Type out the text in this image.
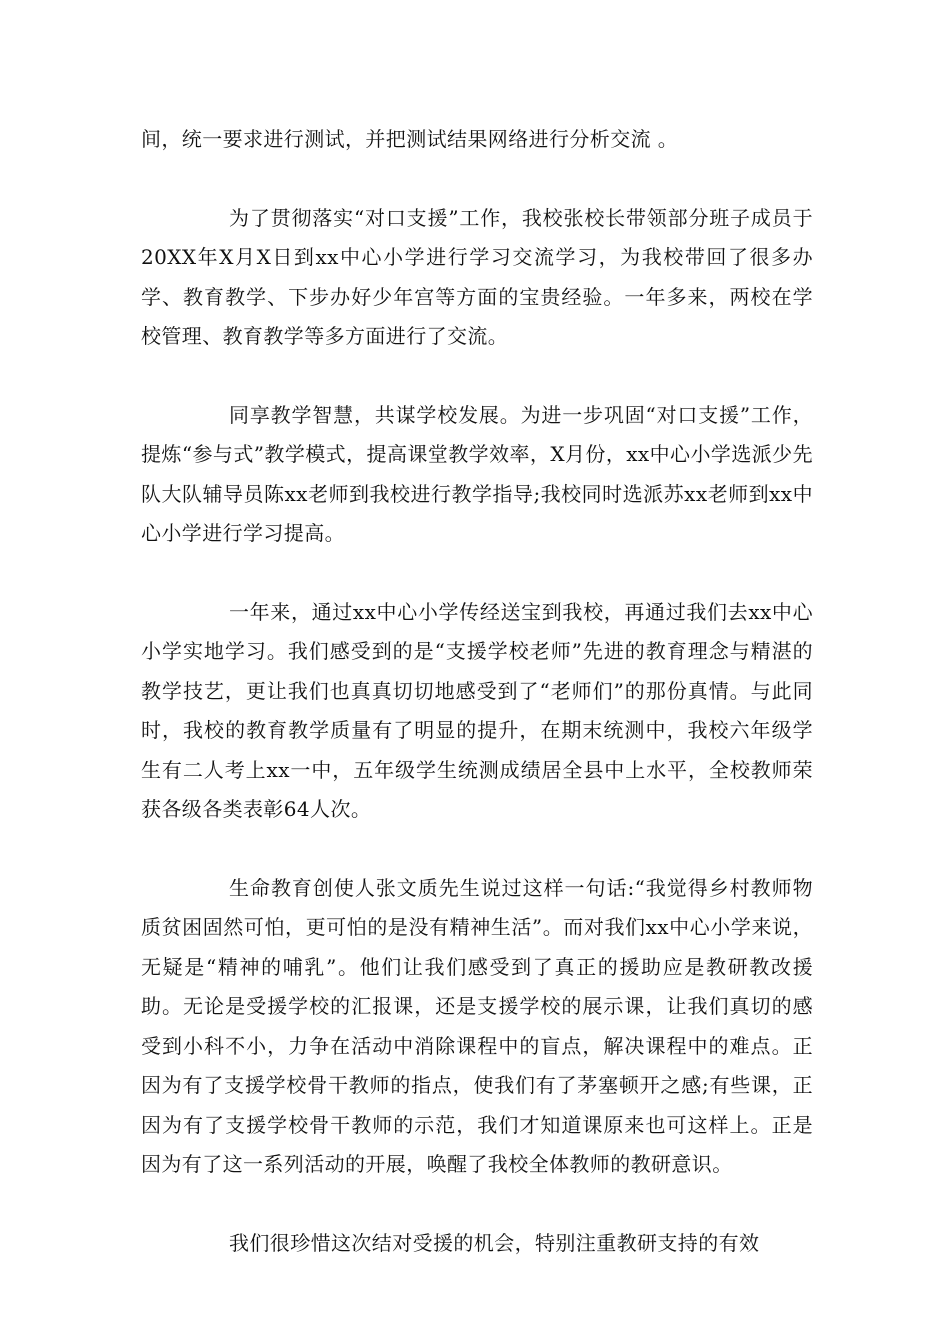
间，统一要求进行测试，并把测试结果网络进行分析交流 。

为了贯彻落实“对口支援”工作，我校张校长带领部分班子成员于20XX年X月X日到xx中心小学进行学习交流学习，为我校带回了很多办学、教育教学、下步办好少年宫等方面的宝贵经验。一年多来，两校在学校管理、教育教学等多方面进行了交流。

同享教学智慧，共谋学校发展。为进一步巩固“对口支援”工作，提炼“参与式”教学模式，提高课堂教学效率，X月份，xx中心小学选派少先队大队辅导员陈xx老师到我校进行教学指导;我校同时选派苏xx老师到xx中心小学进行学习提高。

一年来，通过xx中心小学传经送宝到我校，再通过我们去xx中心小学实地学习。我们感受到的是“支援学校老师”先进的教育理念与精湛的教学技艺，更让我们也真真切切地感受到了“老师们”的那份真情。与此同时，我校的教育教学质量有了明显的提升，在期末统测中，我校六年级学生有二人考上xx一中，五年级学生统测成绩居全县中上水平，全校教师荣获各级各类表彰64人次。

生命教育创使人张文质先生说过这样一句话:“我觉得乡村教师物质贫困固然可怕，更可怕的是没有精神生活”。而对我们xx中心小学来说，无疑是“精神的哺乳”。他们让我们感受到了真正的援助应是教研教改援助。无论是受援学校的汇报课，还是支援学校的展示课，让我们真切的感受到小科不小，力争在活动中消除课程中的盲点，解决课程中的难点。正因为有了支援学校骨干教师的指点，使我们有了茅塞顿开之感;有些课，正因为有了支援学校骨干教师的示范，我们才知道课原来也可这样上。正是因为有了这一系列活动的开展，唤醒了我校全体教师的教研意识。

我们很珍惜这次结对受援的机会，特别注重教研支持的有效
